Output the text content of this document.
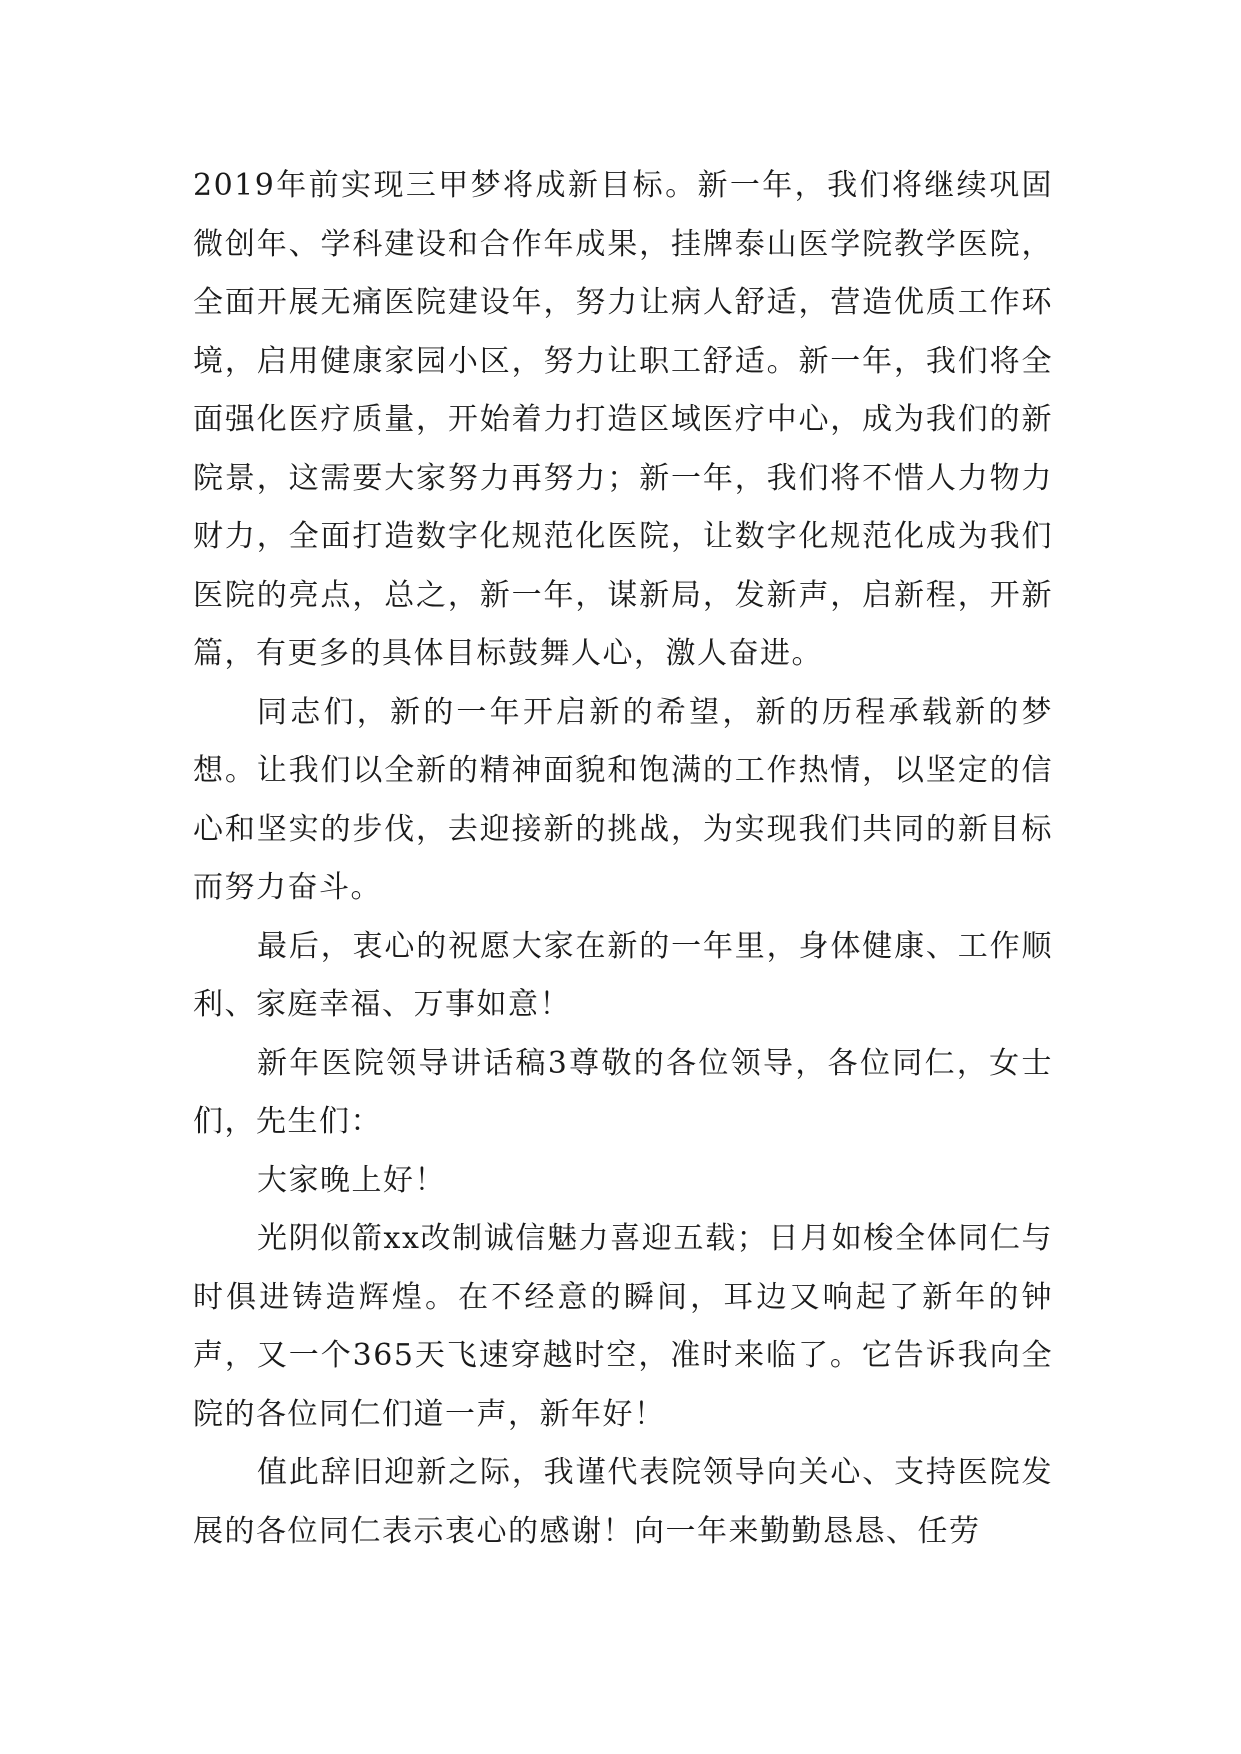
2019年前实现三甲梦将成新目标。新一年，我们将继续巩固微创年、学科建设和合作年成果，挂牌泰山医学院教学医院，全面开展无痛医院建设年，努力让病人舒适，营造优质工作环境，启用健康家园小区，努力让职工舒适。新一年，我们将全面强化医疗质量，开始着力打造区域医疗中心，成为我们的新院景，这需要大家努力再努力；新一年，我们将不惜人力物力财力，全面打造数字化规范化医院，让数字化规范化成为我们医院的亮点，总之，新一年，谋新局，发新声，启新程，开新篇，有更多的具体目标鼓舞人心，激人奋进。

同志们，新的一年开启新的希望，新的历程承载新的梦想。让我们以全新的精神面貌和饱满的工作热情，以坚定的信心和坚实的步伐，去迎接新的挑战，为实现我们共同的新目标而努力奋斗。

最后，衷心的祝愿大家在新的一年里，身体健康、工作顺利、家庭幸福、万事如意！

新年医院领导讲话稿3尊敬的各位领导，各位同仁，女士们，先生们：

大家晚上好！

光阴似箭xx改制诚信魅力喜迎五载；日月如梭全体同仁与时俱进铸造辉煌。在不经意的瞬间，耳边又响起了新年的钟声，又一个365天飞速穿越时空，准时来临了。它告诉我向全院的各位同仁们道一声，新年好！

值此辞旧迎新之际，我谨代表院领导向关心、支持医院发展的各位同仁表示衷心的感谢！向一年来勤勤恳恳、任劳
